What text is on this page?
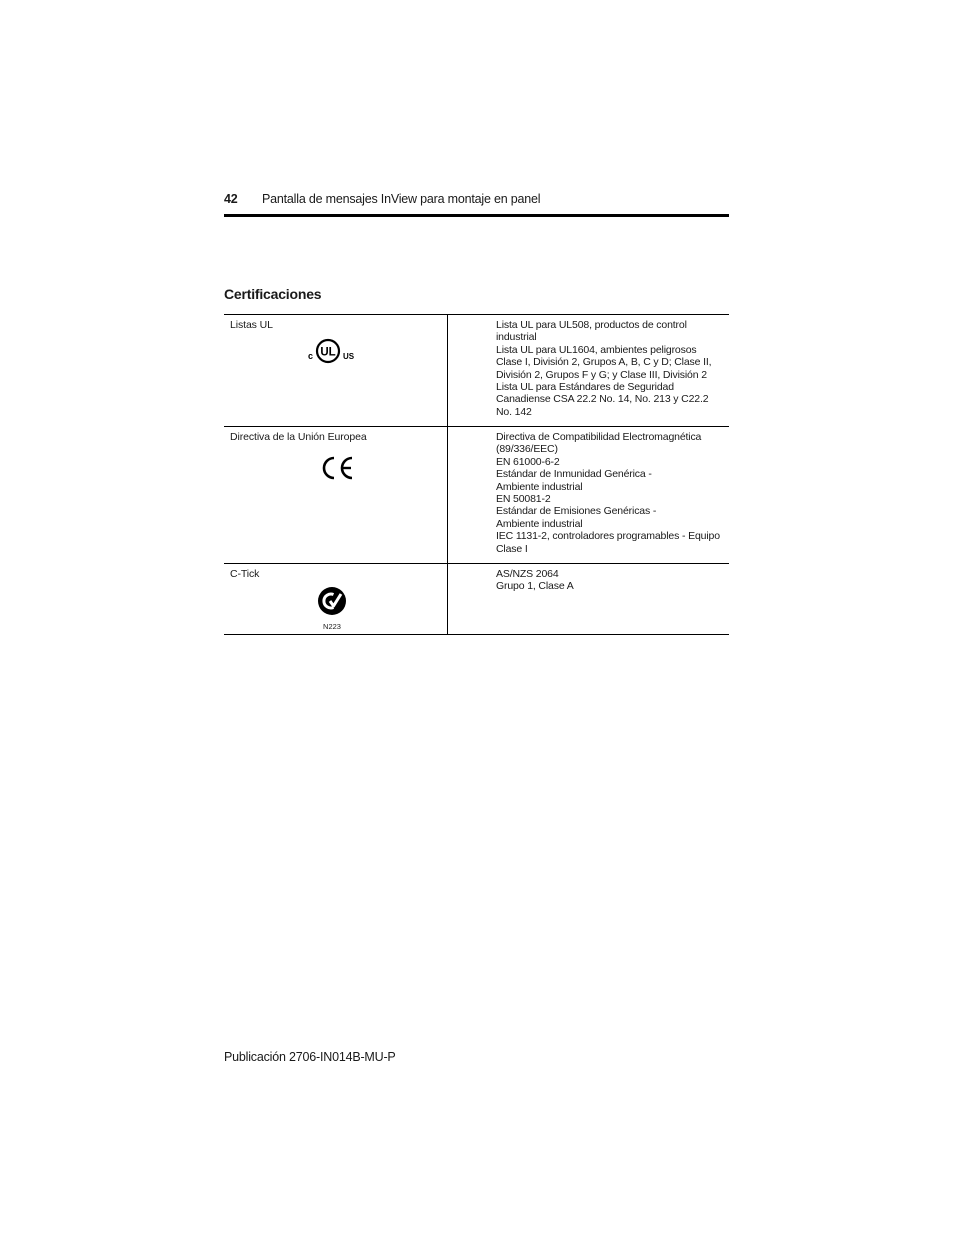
42 Pantalla de mensajes InView para montaje en panel
Certificaciones
Listas UL
c UL US
Lista UL para UL508, productos de control
industrial
Lista UL para UL1604, ambientes peligrosos
Clase I, División 2, Grupos A, B, C y D; Clase II,
División 2, Grupos F y G; y Clase III, División 2
Lista UL para Estándares de Seguridad
Canadiense CSA 22.2 No. 14, No. 213 y C22.2
No. 142
Directiva de la Unión Europea	Directiva de Compatibilidad Electromagnética
(89/336/EEC)
EN 61000-6-2
Estándar de Inmunidad Genérica -
Ambiente industrial
EN 50081-2
Estándar de Emisiones Genéricas -
Ambiente industrial
IEC 1131-2, controladores programables - Equipo
Clase I
C-Tick
N223
AS/NZS 2064
Grupo 1, Clase A
Publicación 2706-IN014B-MU-P
